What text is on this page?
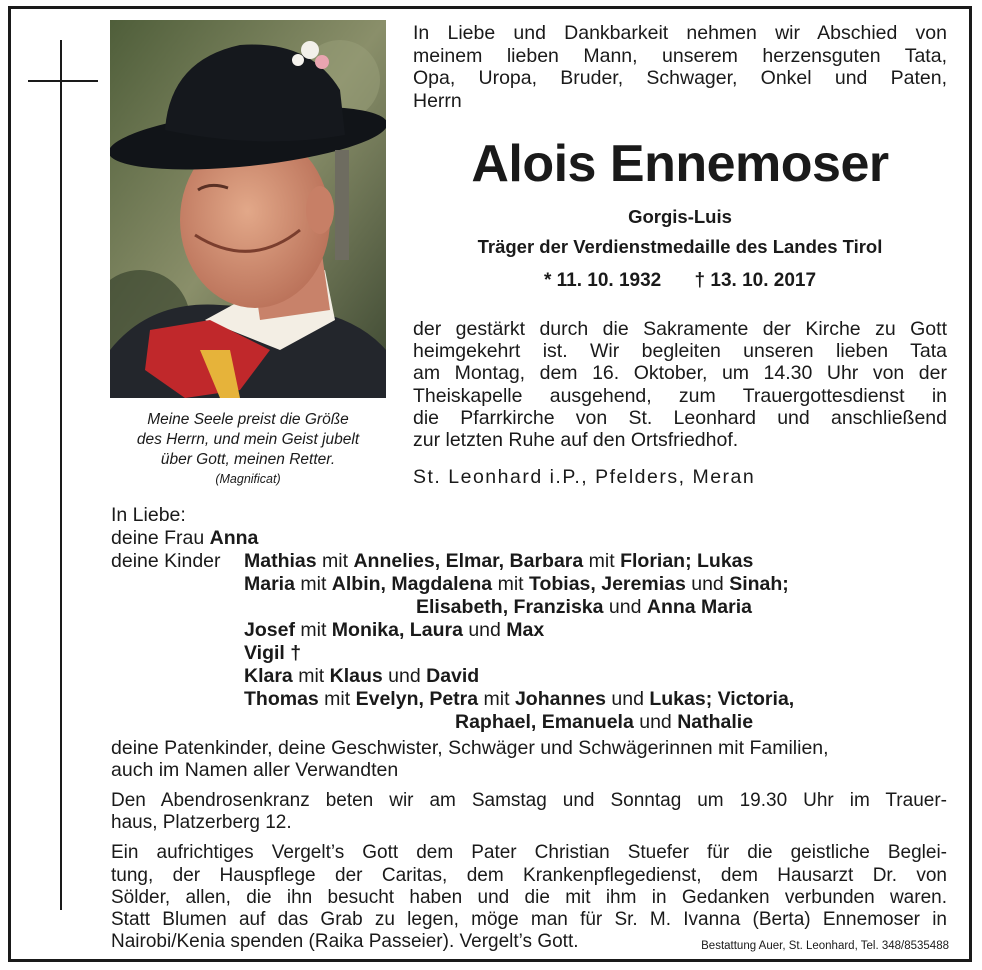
Meine Seele preist die Größe
des Herrn, und mein Geist jubelt
über Gott, meinen Retter.
(Magnificat)
In Liebe und Dankbarkeit nehmen wir Abschied von
meinem lieben Mann, unserem herzensguten Tata,
Opa, Uropa, Bruder, Schwager, Onkel und Paten,
Herrn
Alois Ennemoser
Gorgis-Luis
Träger der Verdienstmedaille des Landes Tirol
* 11. 10. 1932 † 13. 10. 2017
der gestärkt durch die Sakramente der Kirche zu Gott
heimgekehrt ist. Wir begleiten unseren lieben Tata
am Montag, dem 16. Oktober, um 14.30 Uhr von der
Theiskapelle ausgehend, zum Trauergottesdienst in
die Pfarrkirche von St. Leonhard und anschließend
zur letzten Ruhe auf den Ortsfriedhof.
St. Leonhard i.P., Pfelders, Meran
In Liebe:
deine Frau Anna
deine Kinder Mathias mit Annelies, Elmar, Barbara mit Florian; Lukas
Maria mit Albin, Magdalena mit Tobias, Jeremias und Sinah;
Elisabeth, Franziska und Anna Maria
Josef mit Monika, Laura und Max
Vigil †
Klara mit Klaus und David
Thomas mit Evelyn, Petra mit Johannes und Lukas; Victoria,
Raphael, Emanuela und Nathalie
deine Patenkinder, deine Geschwister, Schwäger und Schwägerinnen mit Familien,
auch im Namen aller Verwandten
Den Abendrosenkranz beten wir am Samstag und Sonntag um 19.30 Uhr im Trauer-
haus, Platzerberg 12.
Ein aufrichtiges Vergelt’s Gott dem Pater Christian Stuefer für die geistliche Beglei-
tung, der Hauspflege der Caritas, dem Krankenpflegedienst, dem Hausarzt Dr. von
Sölder, allen, die ihn besucht haben und die mit ihm in Gedanken verbunden waren.
Statt Blumen auf das Grab zu legen, möge man für Sr. M. Ivanna (Berta) Ennemoser in
Nairobi/Kenia spenden (Raika Passeier). Vergelt’s Gott.	Bestattung Auer, St. Leonhard, Tel. 348/8535488
